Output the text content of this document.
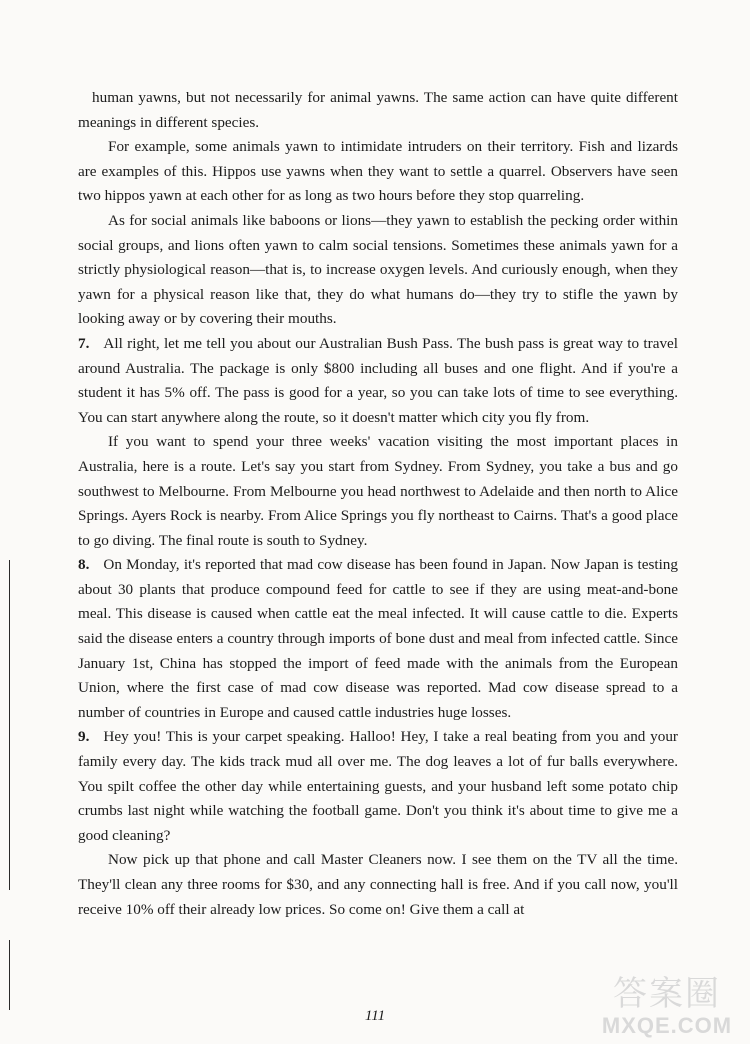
human yawns, but not necessarily for animal yawns. The same action can have quite different meanings in different species.

For example, some animals yawn to intimidate intruders on their territory. Fish and lizards are examples of this. Hippos use yawns when they want to settle a quarrel. Observers have seen two hippos yawn at each other for as long as two hours before they stop quarreling.

As for social animals like baboons or lions—they yawn to establish the pecking order within social groups, and lions often yawn to calm social tensions. Sometimes these animals yawn for a strictly physiological reason—that is, to increase oxygen levels. And curiously enough, when they yawn for a physical reason like that, they do what humans do—they try to stifle the yawn by looking away or by covering their mouths.

7. All right, let me tell you about our Australian Bush Pass. The bush pass is great way to travel around Australia. The package is only $800 including all buses and one flight. And if you're a student it has 5% off. The pass is good for a year, so you can take lots of time to see everything. You can start anywhere along the route, so it doesn't matter which city you fly from.

If you want to spend your three weeks' vacation visiting the most important places in Australia, here is a route. Let's say you start from Sydney. From Sydney, you take a bus and go southwest to Melbourne. From Melbourne you head northwest to Adelaide and then north to Alice Springs. Ayers Rock is nearby. From Alice Springs you fly northeast to Cairns. That's a good place to go diving. The final route is south to Sydney.

8. On Monday, it's reported that mad cow disease has been found in Japan. Now Japan is testing about 30 plants that produce compound feed for cattle to see if they are using meat-and-bone meal. This disease is caused when cattle eat the meal infected. It will cause cattle to die. Experts said the disease enters a country through imports of bone dust and meal from infected cattle. Since January 1st, China has stopped the import of feed made with the animals from the European Union, where the first case of mad cow disease was reported. Mad cow disease spread to a number of countries in Europe and caused cattle industries huge losses.

9. Hey you! This is your carpet speaking. Halloo! Hey, I take a real beating from you and your family every day. The kids track mud all over me. The dog leaves a lot of fur balls everywhere. You spilt coffee the other day while entertaining guests, and your husband left some potato chip crumbs last night while watching the football game. Don't you think it's about time to give me a good cleaning?

Now pick up that phone and call Master Cleaners now. I see them on the TV all the time. They'll clean any three rooms for $30, and any connecting hall is free. And if you call now, you'll receive 10% off their already low prices. So come on! Give them a call at

111
答案圈
MXQE.COM
